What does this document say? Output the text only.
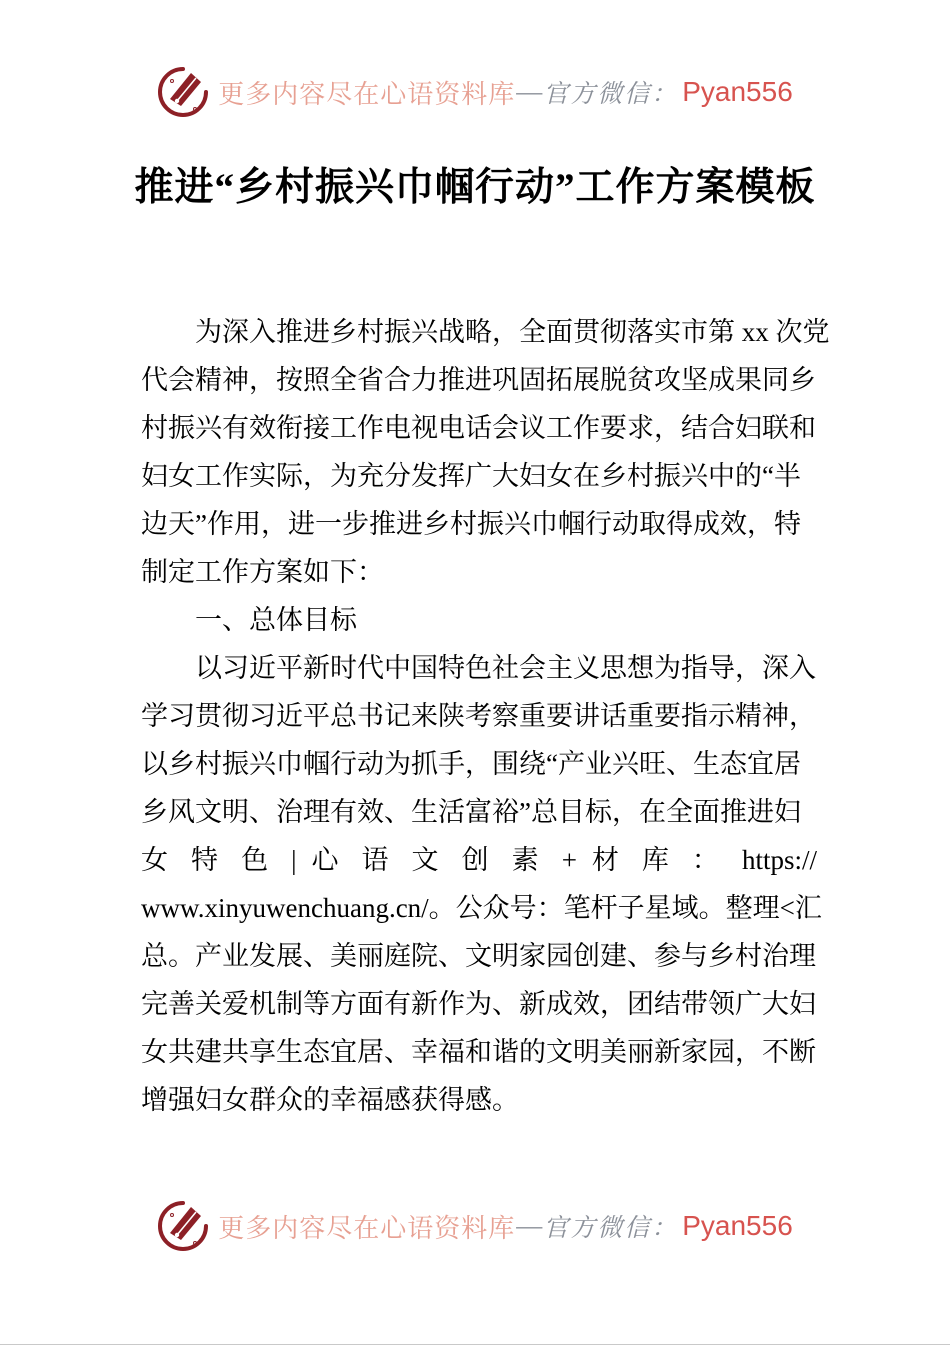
更多内容尽在心语资料库 — 官方微信： Pyan556
推进“乡村振兴巾帼行动”工作方案模板
为深入推进乡村振兴战略，全面贯彻落实市第 xx 次党
代会精神，按照全省合力推进巩固拓展脱贫攻坚成果同乡
村振兴有效衔接工作电视电话会议工作要求，结合妇联和
妇女工作实际，为充分发挥广大妇女在乡村振兴中的“半
边天”作用，进一步推进乡村振兴巾帼行动取得成效，特
制定工作方案如下：
一、总体目标
以习近平新时代中国特色社会主义思想为指导，深入
学习贯彻习近平总书记来陕考察重要讲话重要指示精神，
以乡村振兴巾帼行动为抓手，围绕“产业兴旺、生态宜居
乡风文明、治理有效、生活富裕”总目标，在全面推进妇
女 特 色 | 心 语 文 创 素 + 材 库 ： https://
www.xinyuwenchuang.cn/。公众号：笔杆子星域。整理<汇
总。产业发展、美丽庭院、文明家园创建、参与乡村治理
完善关爱机制等方面有新作为、新成效，团结带领广大妇
女共建共享生态宜居、幸福和谐的文明美丽新家园，不断
增强妇女群众的幸福感获得感。
更多内容尽在心语资料库 — 官方微信： Pyan556
